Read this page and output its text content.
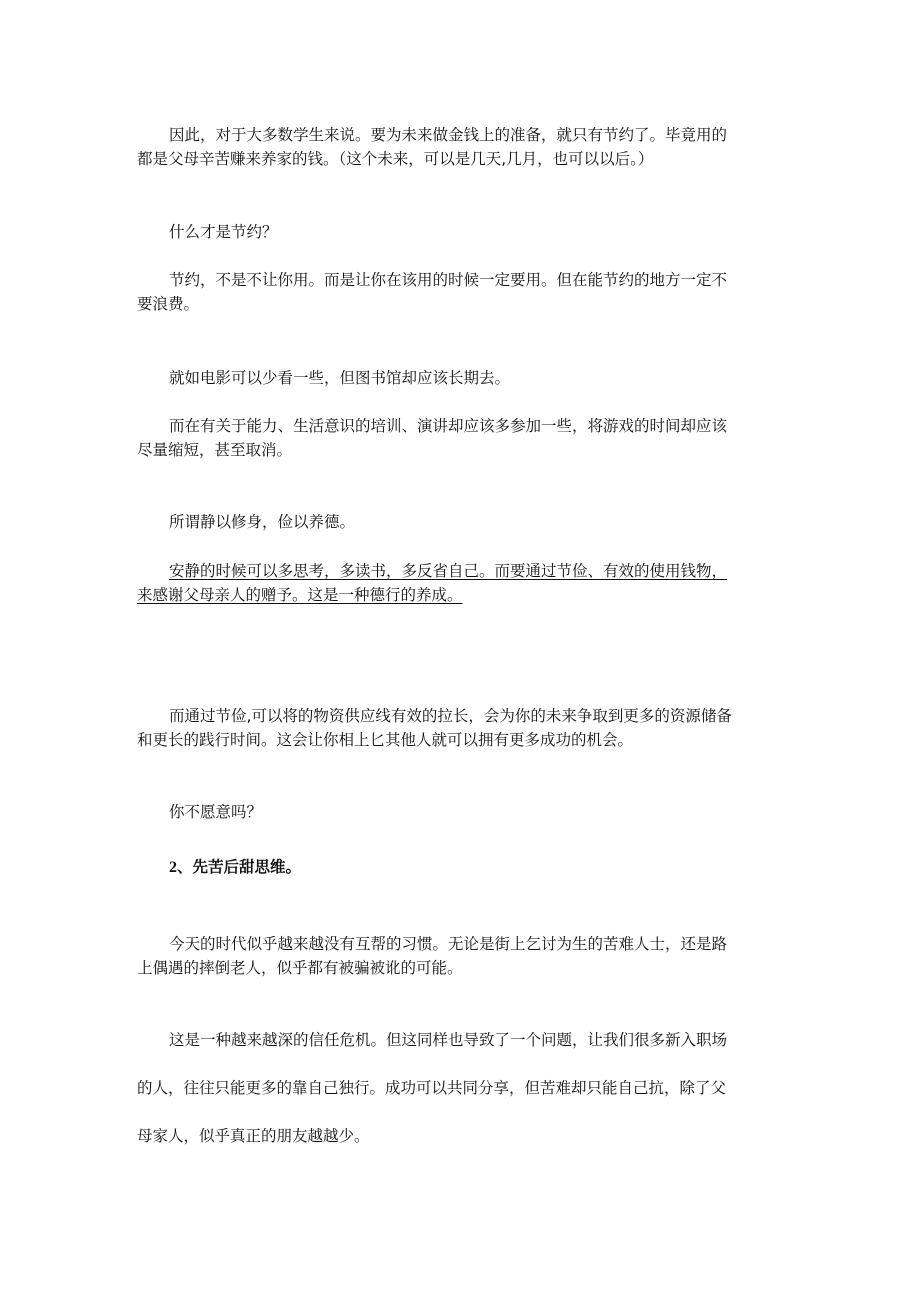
因此，对于大多数学生来说。要为未来做金钱上的准备，就只有节约了。毕竟用的
都是父母辛苦赚来养家的钱。（这个未来，可以是几天,几月，也可以以后。）

什么才是节约？

节约，不是不让你用。而是让你在该用的时候一定要用。但在能节约的地方一定不
要浪费。

就如电影可以少看一些，但图书馆却应该长期去。

而在有关于能力、生活意识的培训、演讲却应该多参加一些，将游戏的时间却应该
尽量缩短，甚至取消。

所谓静以修身，俭以养德。

安静的时候可以多思考，多读书，多反省自己。而要通过节俭、有效的使用钱物，
来感谢父母亲人的赠予。这是一种德行的养成。

而通过节俭,可以将的物资供应线有效的拉长，会为你的未来争取到更多的资源储备
和更长的践行时间。这会让你相上匕其他人就可以拥有更多成功的机会。

你不愿意吗？

2、先苦后甜思维。

今天的时代似乎越来越没有互帮的习惯。无论是街上乞讨为生的苦难人士，还是路
上偶遇的摔倒老人，似乎都有被骗被讹的可能。

这是一种越来越深的信任危机。但这同样也导致了一个问题，让我们很多新入职场
的人，往往只能更多的靠自己独行。成功可以共同分享，但苦难却只能自己抗，除了父
母家人，似乎真正的朋友越越少。
